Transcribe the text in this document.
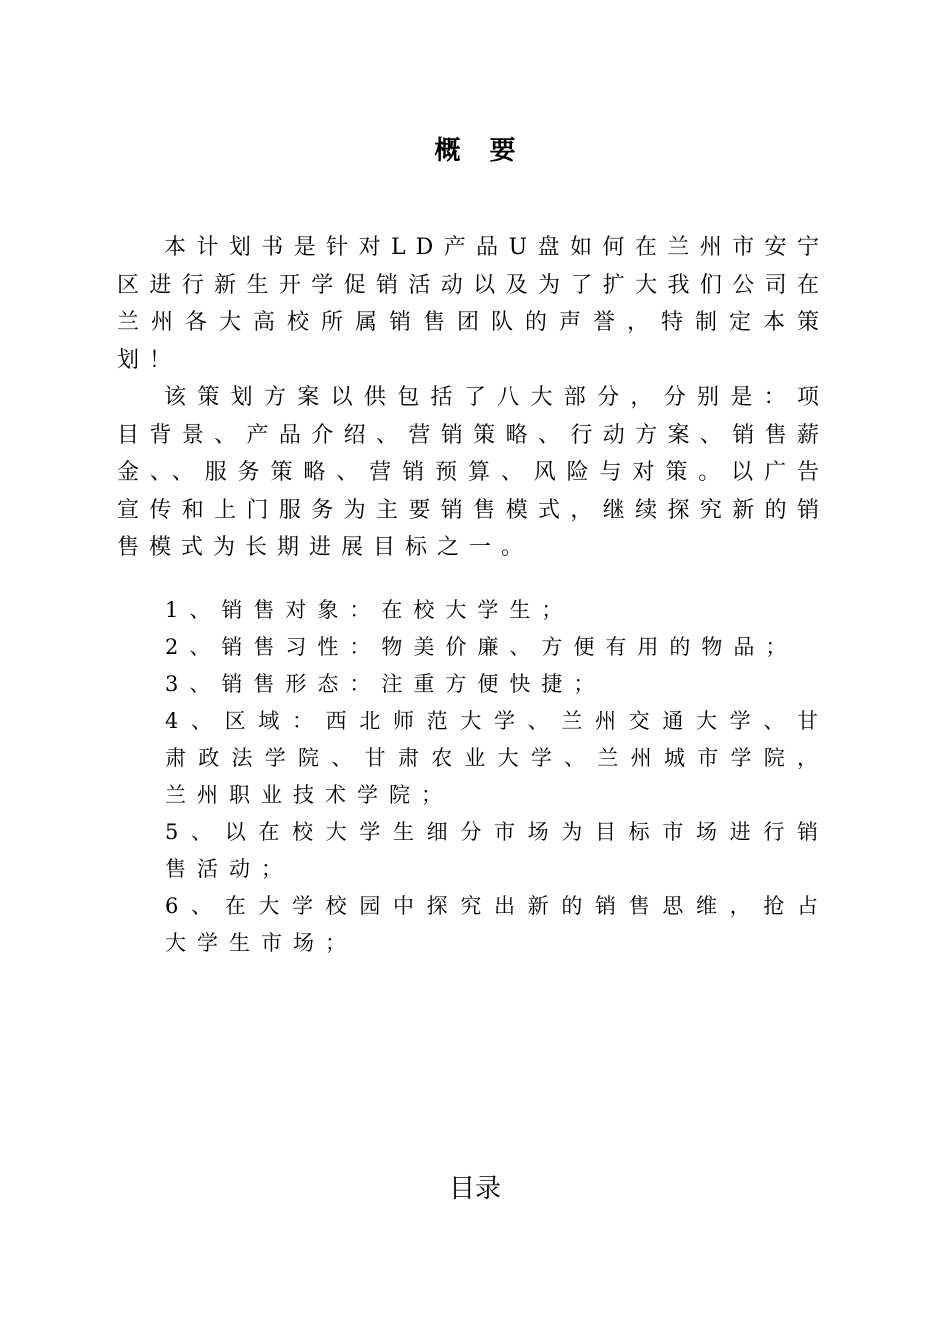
概 要

本计划书是针对LD产品U盘如何在兰州市安宁区进行新生开学促销活动以及为了扩大我们公司在兰州各大高校所属销售团队的声誉，特制定本策划！

该策划方案以供包括了八大部分，分别是：项目背景、产品介绍、营销策略、行动方案、销售薪金、、服务策略、营销预算、风险与对策。以广告宣传和上门服务为主要销售模式，继续探究新的销售模式为长期进展目标之一。

1、销售对象：在校大学生；

2、销售习性：物美价廉、方便有用的物品；

3、销售形态：注重方便快捷；

4、区域：西北师范大学、兰州交通大学、甘肃政法学院、甘肃农业大学、兰州城市学院，兰州职业技术学院；

5、以在校大学生细分市场为目标市场进行销售活动；

6、在大学校园中探究出新的销售思维，抢占大学生市场；

目录
